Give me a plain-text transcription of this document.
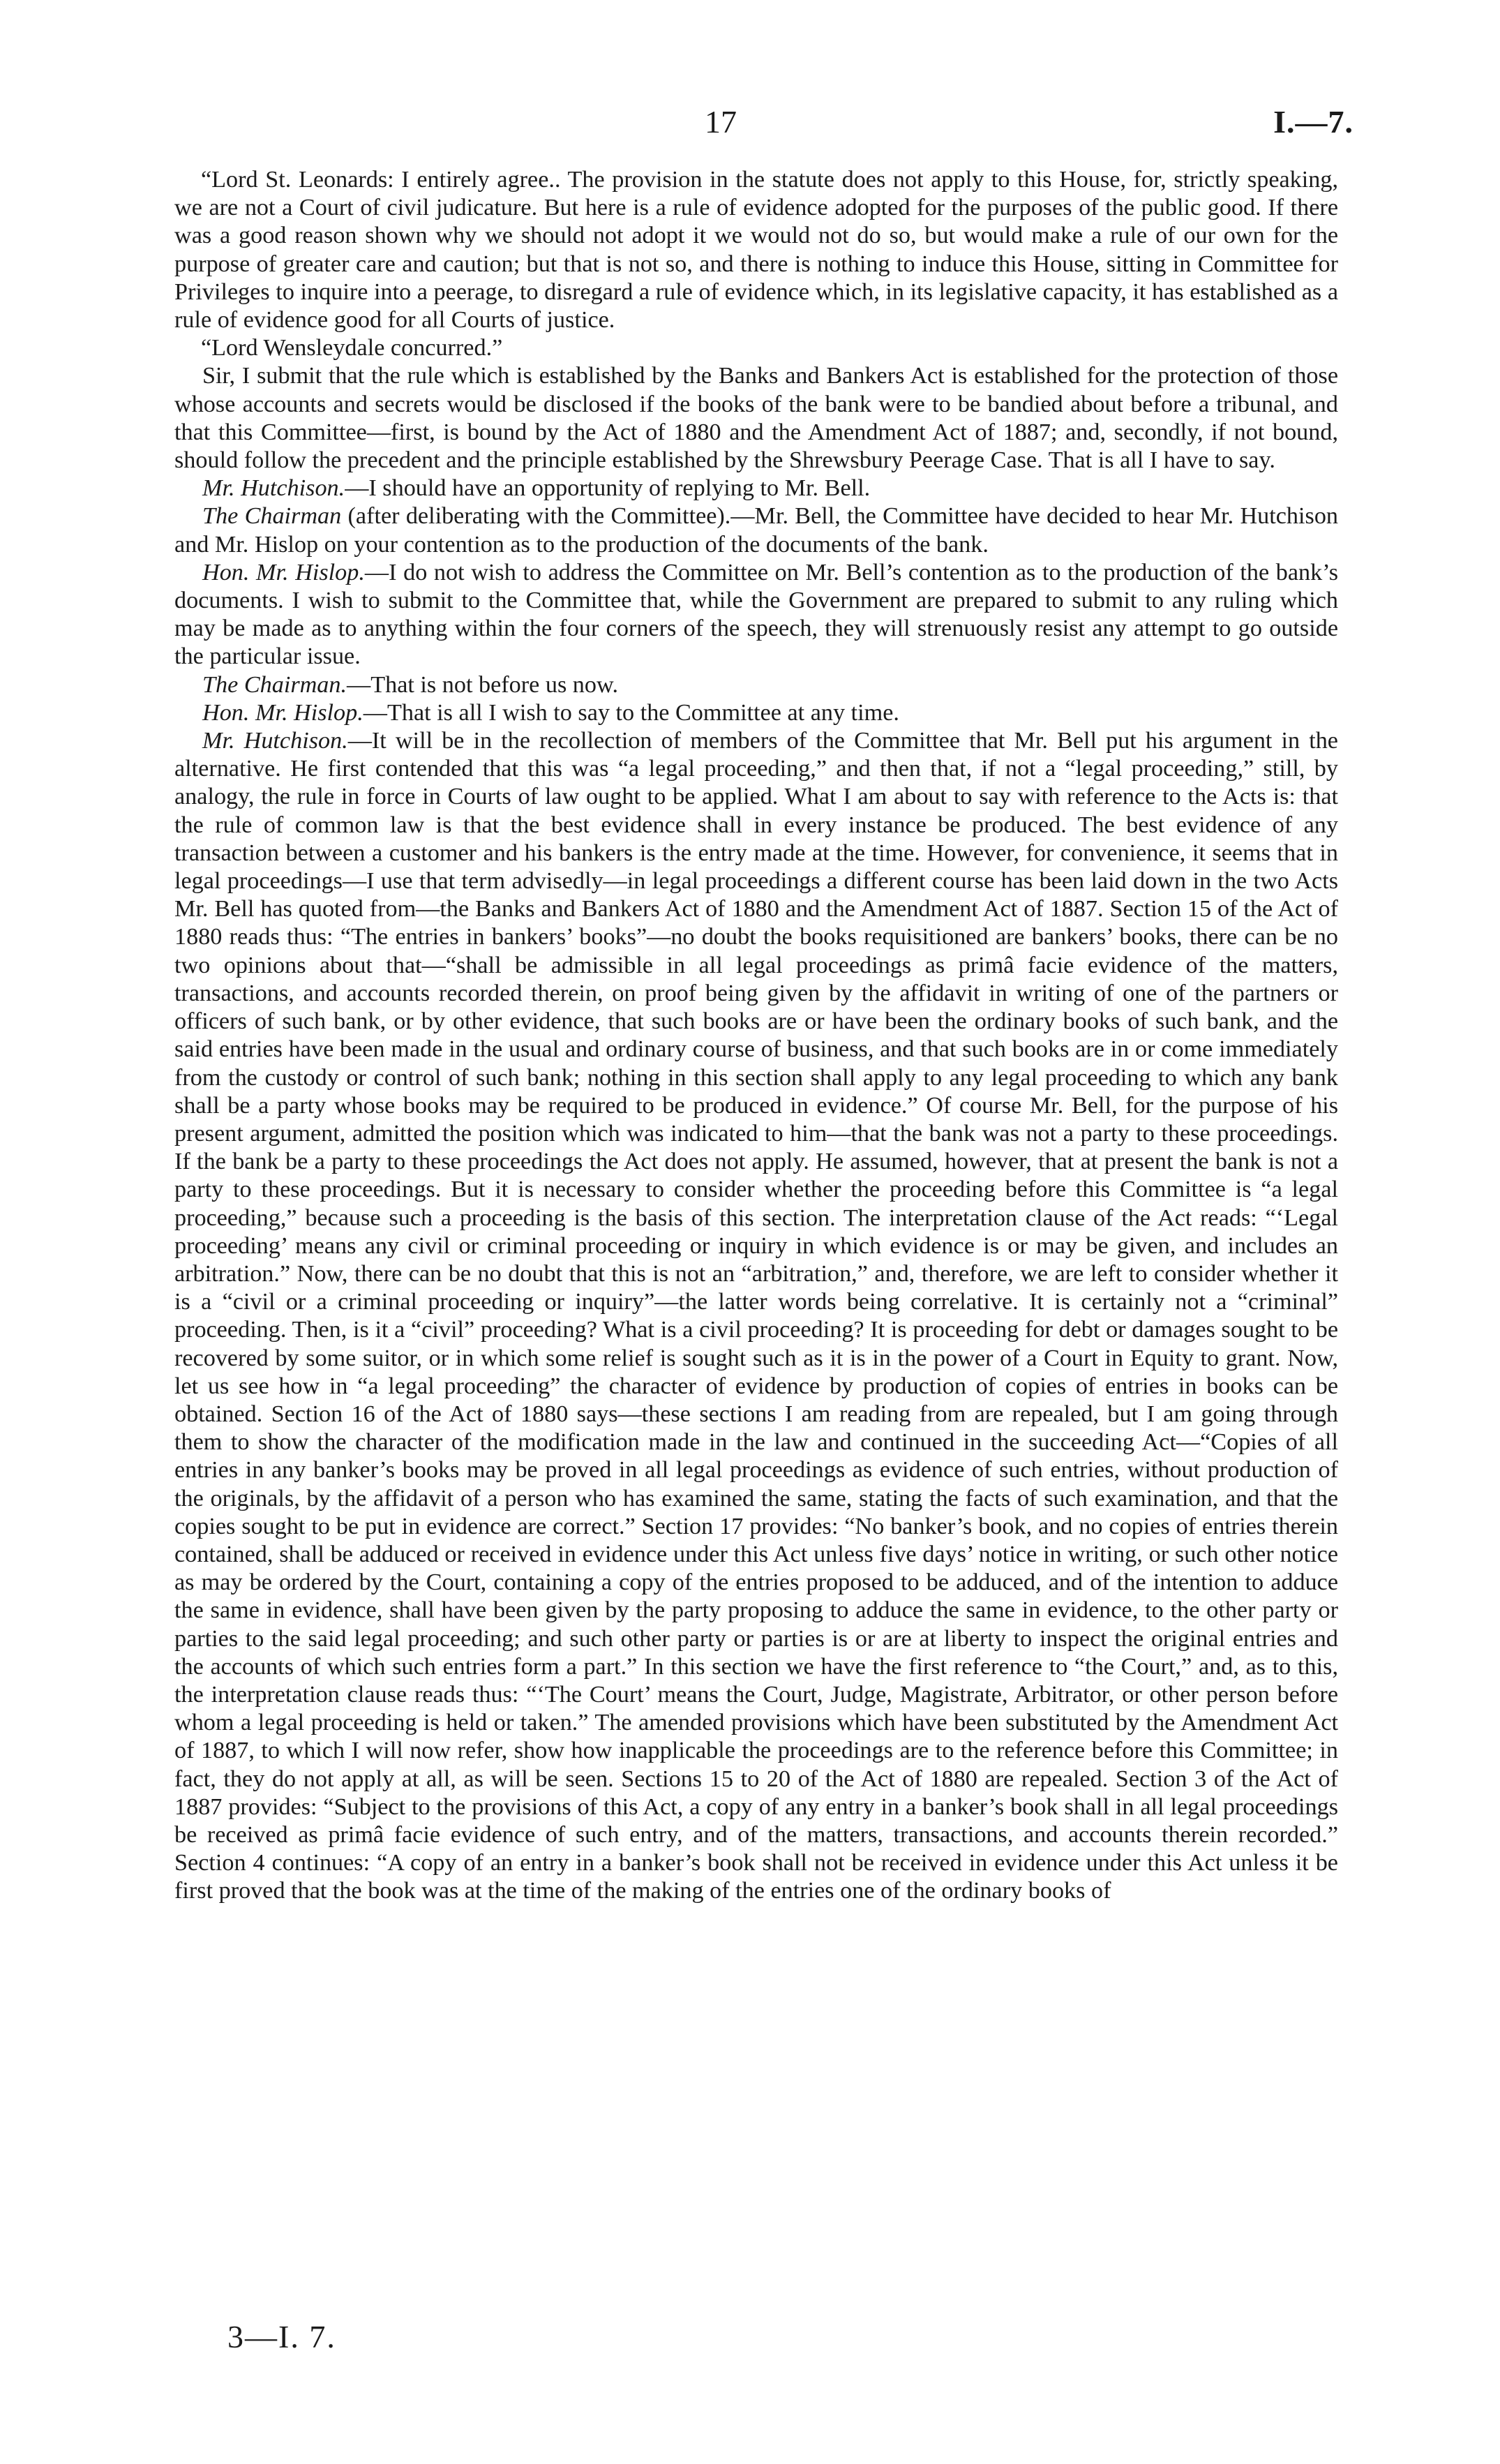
17	I.—7.

“Lord St. Leonards: I entirely agree.. The provision in the statute does not apply to this House, for, strictly speaking, we are not a Court of civil judicature. But here is a rule of evidence adopted for the purposes of the public good. If there was a good reason shown why we should not adopt it we would not do so, but would make a rule of our own for the purpose of greater care and caution; but that is not so, and there is nothing to induce this House, sitting in Committee for Privileges to inquire into a peerage, to disregard a rule of evidence which, in its legislative capacity, it has established as a rule of evidence good for all Courts of justice.

“Lord Wensleydale concurred.”

Sir, I submit that the rule which is established by the Banks and Bankers Act is established for the protection of those whose accounts and secrets would be disclosed if the books of the bank were to be bandied about before a tribunal, and that this Committee—first, is bound by the Act of 1880 and the Amendment Act of 1887; and, secondly, if not bound, should follow the precedent and the principle established by the Shrewsbury Peerage Case. That is all I have to say.

Mr. Hutchison.—I should have an opportunity of replying to Mr. Bell.

The Chairman (after deliberating with the Committee).—Mr. Bell, the Committee have decided to hear Mr. Hutchison and Mr. Hislop on your contention as to the production of the documents of the bank.

Hon. Mr. Hislop.—I do not wish to address the Committee on Mr. Bell’s contention as to the production of the bank’s documents. I wish to submit to the Committee that, while the Government are prepared to submit to any ruling which may be made as to anything within the four corners of the speech, they will strenuously resist any attempt to go outside the particular issue.

The Chairman.—That is not before us now.

Hon. Mr. Hislop.—That is all I wish to say to the Committee at any time.

Mr. Hutchison.—It will be in the recollection of members of the Committee that Mr. Bell put his argument in the alternative. He first contended that this was “a legal proceeding,” and then that, if not a “legal proceeding,” still, by analogy, the rule in force in Courts of law ought to be applied. What I am about to say with reference to the Acts is: that the rule of common law is that the best evidence shall in every instance be produced. The best evidence of any transaction between a customer and his bankers is the entry made at the time. However, for convenience, it seems that in legal proceedings—I use that term advisedly—in legal proceedings a different course has been laid down in the two Acts Mr. Bell has quoted from—the Banks and Bankers Act of 1880 and the Amendment Act of 1887. Section 15 of the Act of 1880 reads thus: “The entries in bankers’ books”—no doubt the books requisitioned are bankers’ books, there can be no two opinions about that—“shall be admissible in all legal proceedings as primâ facie evidence of the matters, transactions, and accounts recorded therein, on proof being given by the affidavit in writing of one of the partners or officers of such bank, or by other evidence, that such books are or have been the ordinary books of such bank, and the said entries have been made in the usual and ordinary course of business, and that such books are in or come immediately from the custody or control of such bank; nothing in this section shall apply to any legal proceeding to which any bank shall be a party whose books may be required to be produced in evidence.” Of course Mr. Bell, for the purpose of his present argument, admitted the position which was indicated to him—that the bank was not a party to these proceedings. If the bank be a party to these proceedings the Act does not apply. He assumed, however, that at present the bank is not a party to these proceedings. But it is necessary to consider whether the proceeding before this Committee is “a legal proceeding,” because such a proceeding is the basis of this section. The interpretation clause of the Act reads: “‘Legal proceeding’ means any civil or criminal proceeding or inquiry in which evidence is or may be given, and includes an arbitration.” Now, there can be no doubt that this is not an “arbitration,” and, therefore, we are left to consider whether it is a “civil or a criminal proceeding or inquiry”—the latter words being correlative. It is certainly not a “criminal” proceeding. Then, is it a “civil” proceeding? What is a civil proceeding? It is proceeding for debt or damages sought to be recovered by some suitor, or in which some relief is sought such as it is in the power of a Court in Equity to grant. Now, let us see how in “a legal proceeding” the character of evidence by production of copies of entries in books can be obtained. Section 16 of the Act of 1880 says—these sections I am reading from are repealed, but I am going through them to show the character of the modification made in the law and continued in the succeeding Act—“Copies of all entries in any banker’s books may be proved in all legal proceedings as evidence of such entries, without production of the originals, by the affidavit of a person who has examined the same, stating the facts of such examination, and that the copies sought to be put in evidence are correct.” Section 17 provides: “No banker’s book, and no copies of entries therein contained, shall be adduced or received in evidence under this Act unless five days’ notice in writing, or such other notice as may be ordered by the Court, containing a copy of the entries proposed to be adduced, and of the intention to adduce the same in evidence, shall have been given by the party proposing to adduce the same in evidence, to the other party or parties to the said legal proceeding; and such other party or parties is or are at liberty to inspect the original entries and the accounts of which such entries form a part.” In this section we have the first reference to “the Court,” and, as to this, the interpretation clause reads thus: “‘The Court’ means the Court, Judge, Magistrate, Arbitrator, or other person before whom a legal proceeding is held or taken.” The amended provisions which have been substituted by the Amendment Act of 1887, to which I will now refer, show how inapplicable the proceedings are to the reference before this Committee; in fact, they do not apply at all, as will be seen. Sections 15 to 20 of the Act of 1880 are repealed. Section 3 of the Act of 1887 provides: “Subject to the provisions of this Act, a copy of any entry in a banker’s book shall in all legal proceedings be received as primâ facie evidence of such entry, and of the matters, transactions, and accounts therein recorded.” Section 4 continues: “A copy of an entry in a banker’s book shall not be received in evidence under this Act unless it be first proved that the book was at the time of the making of the entries one of the ordinary books of

3—I. 7.
